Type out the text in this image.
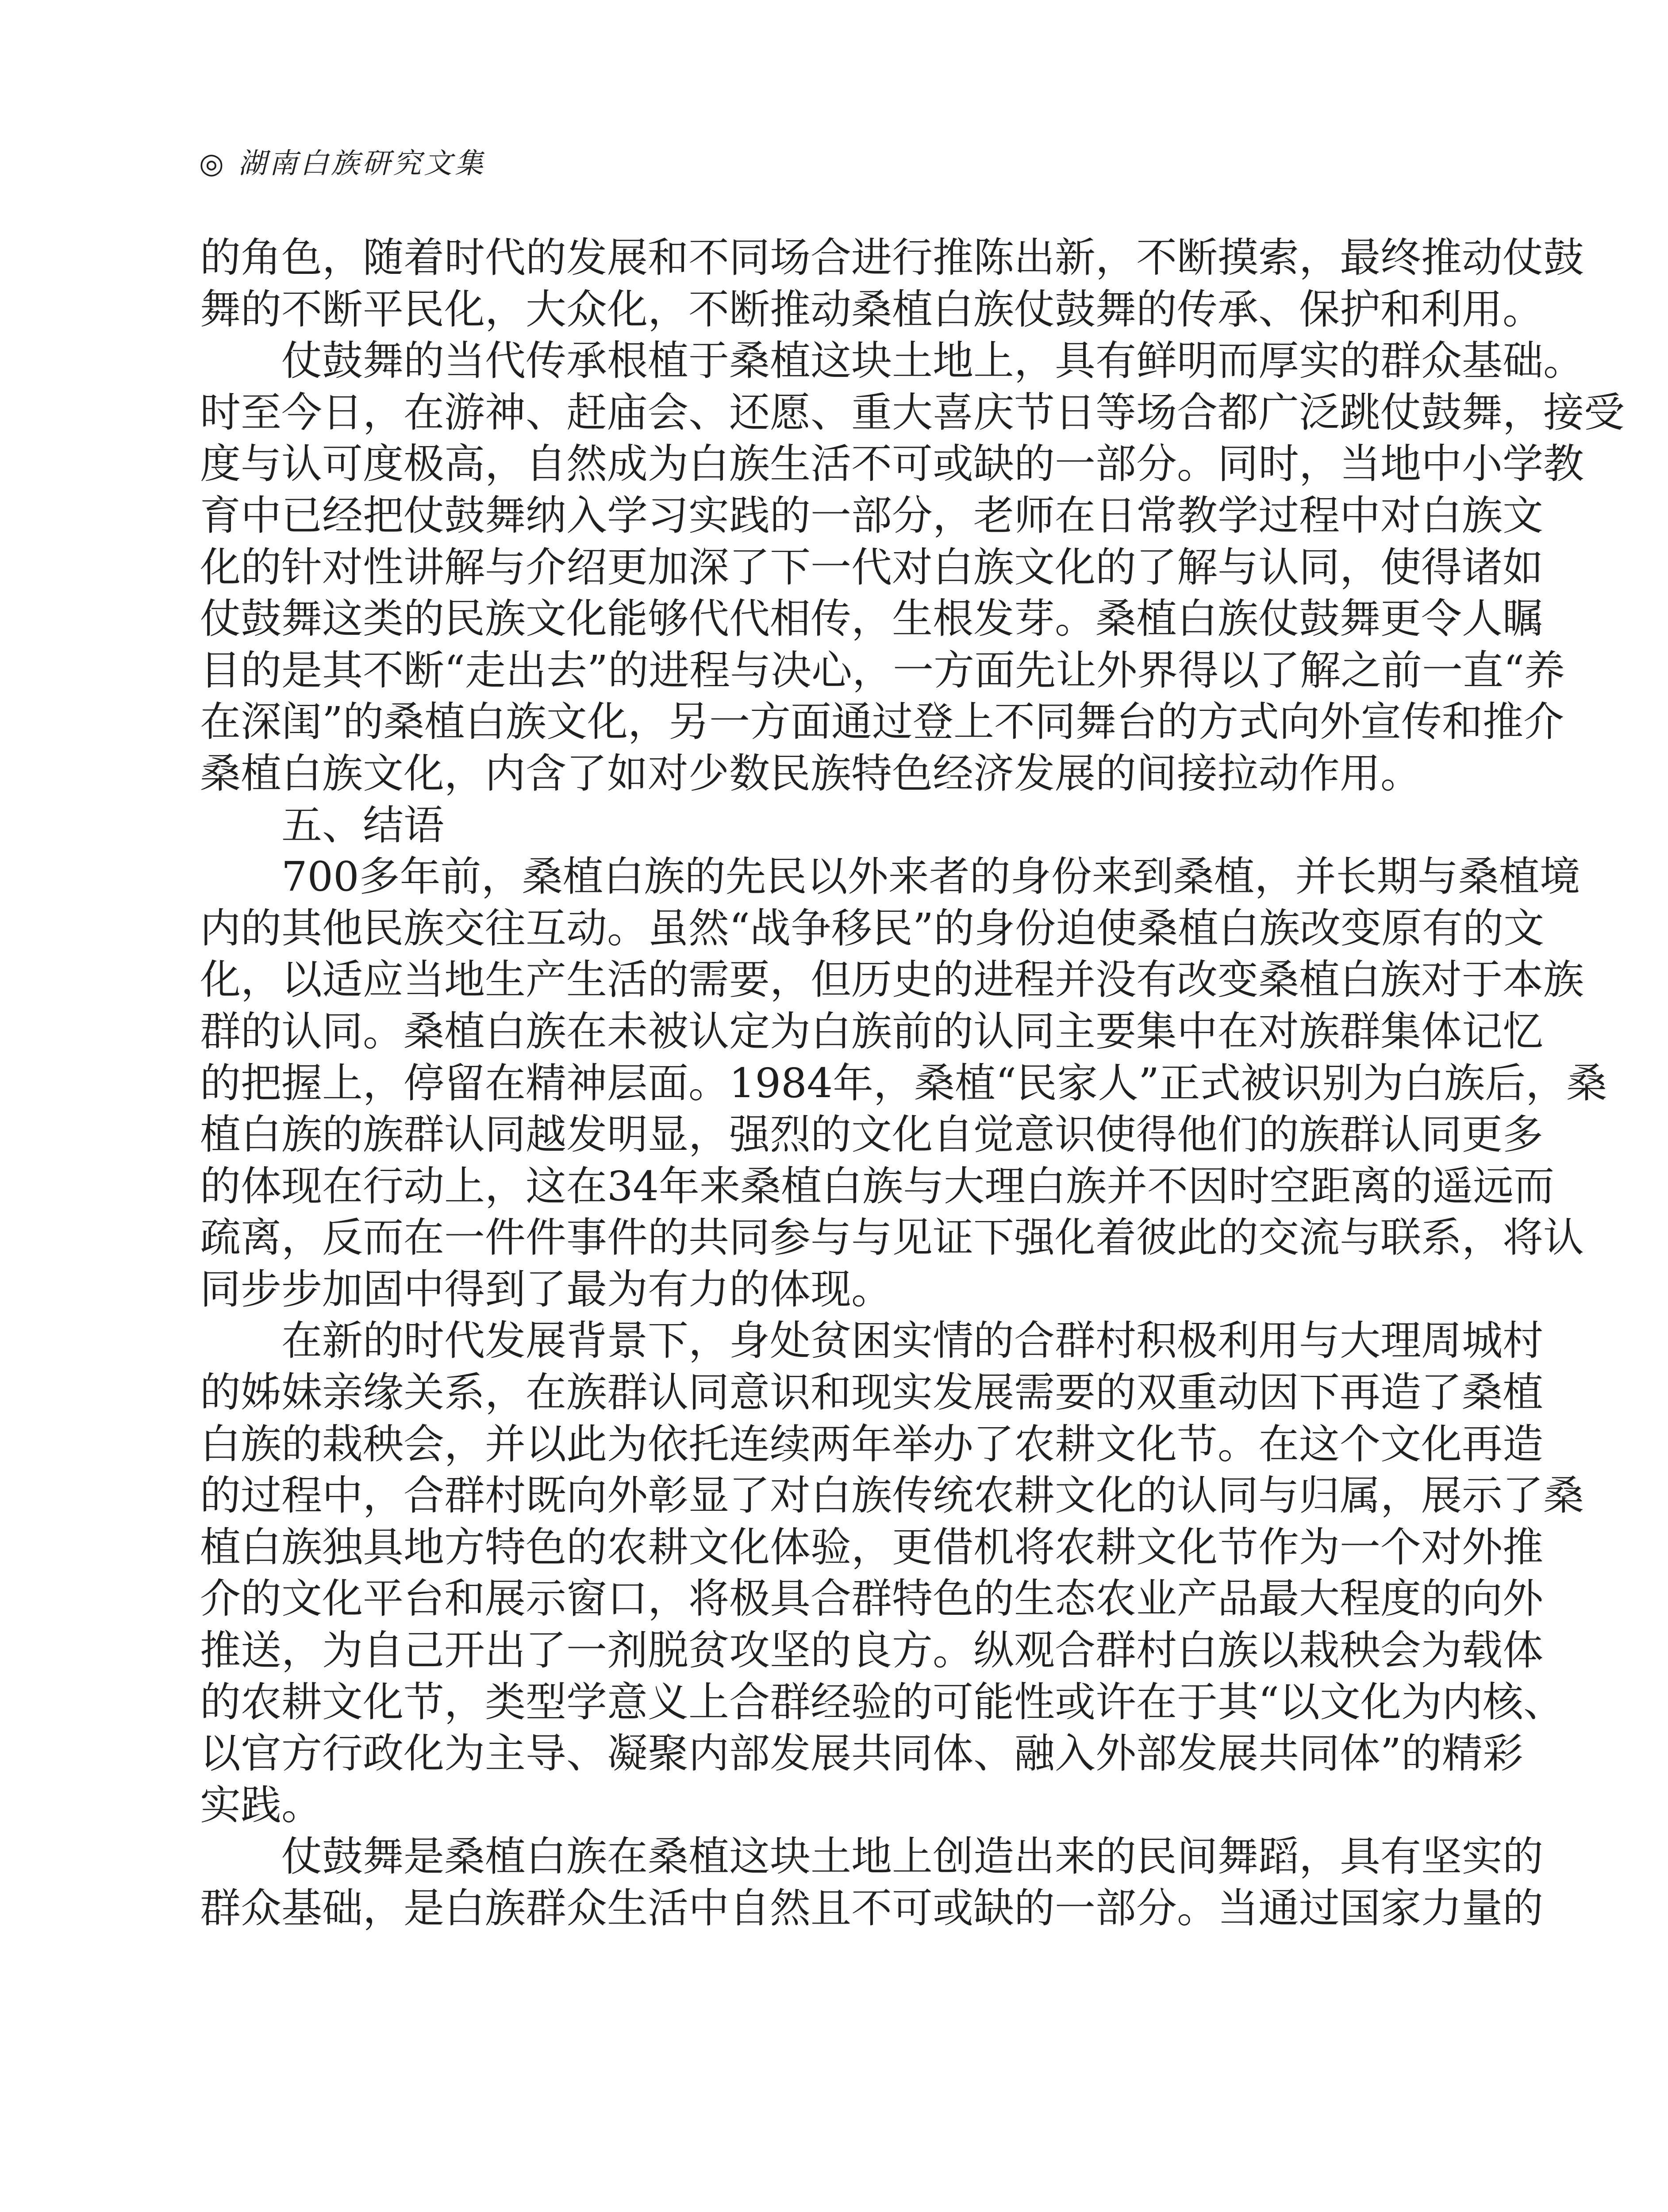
◎ 湖南白族研究文集
的角色，随着时代的发展和不同场合进行推陈出新，不断摸索，最终推动仗鼓
舞的不断平民化，大众化，不断推动桑植白族仗鼓舞的传承、保护和利用。
仗鼓舞的当代传承根植于桑植这块土地上，具有鲜明而厚实的群众基础。
时至今日，在游神、赶庙会、还愿、重大喜庆节日等场合都广泛跳仗鼓舞，接受
度与认可度极高，自然成为白族生活不可或缺的一部分。同时，当地中小学教
育中已经把仗鼓舞纳入学习实践的一部分，老师在日常教学过程中对白族文
化的针对性讲解与介绍更加深了下一代对白族文化的了解与认同，使得诸如
仗鼓舞这类的民族文化能够代代相传，生根发芽。桑植白族仗鼓舞更令人瞩
目的是其不断“走出去”的进程与决心，一方面先让外界得以了解之前一直“养
在深闺”的桑植白族文化，另一方面通过登上不同舞台的方式向外宣传和推介
桑植白族文化，内含了如对少数民族特色经济发展的间接拉动作用。
五、结语
700多年前，桑植白族的先民以外来者的身份来到桑植，并长期与桑植境
内的其他民族交往互动。虽然“战争移民”的身份迫使桑植白族改变原有的文
化，以适应当地生产生活的需要，但历史的进程并没有改变桑植白族对于本族
群的认同。桑植白族在未被认定为白族前的认同主要集中在对族群集体记忆
的把握上，停留在精神层面。1984年，桑植“民家人”正式被识别为白族后，桑
植白族的族群认同越发明显，强烈的文化自觉意识使得他们的族群认同更多
的体现在行动上，这在34年来桑植白族与大理白族并不因时空距离的遥远而
疏离，反而在一件件事件的共同参与与见证下强化着彼此的交流与联系，将认
同步步加固中得到了最为有力的体现。
在新的时代发展背景下，身处贫困实情的合群村积极利用与大理周城村
的姊妹亲缘关系，在族群认同意识和现实发展需要的双重动因下再造了桑植
白族的栽秧会，并以此为依托连续两年举办了农耕文化节。在这个文化再造
的过程中，合群村既向外彰显了对白族传统农耕文化的认同与归属，展示了桑
植白族独具地方特色的农耕文化体验，更借机将农耕文化节作为一个对外推
介的文化平台和展示窗口，将极具合群特色的生态农业产品最大程度的向外
推送，为自己开出了一剂脱贫攻坚的良方。纵观合群村白族以栽秧会为载体
的农耕文化节，类型学意义上合群经验的可能性或许在于其“以文化为内核、
以官方行政化为主导、凝聚内部发展共同体、融入外部发展共同体”的精彩
实践。
仗鼓舞是桑植白族在桑植这块土地上创造出来的民间舞蹈，具有坚实的
群众基础，是白族群众生活中自然且不可或缺的一部分。当通过国家力量的
